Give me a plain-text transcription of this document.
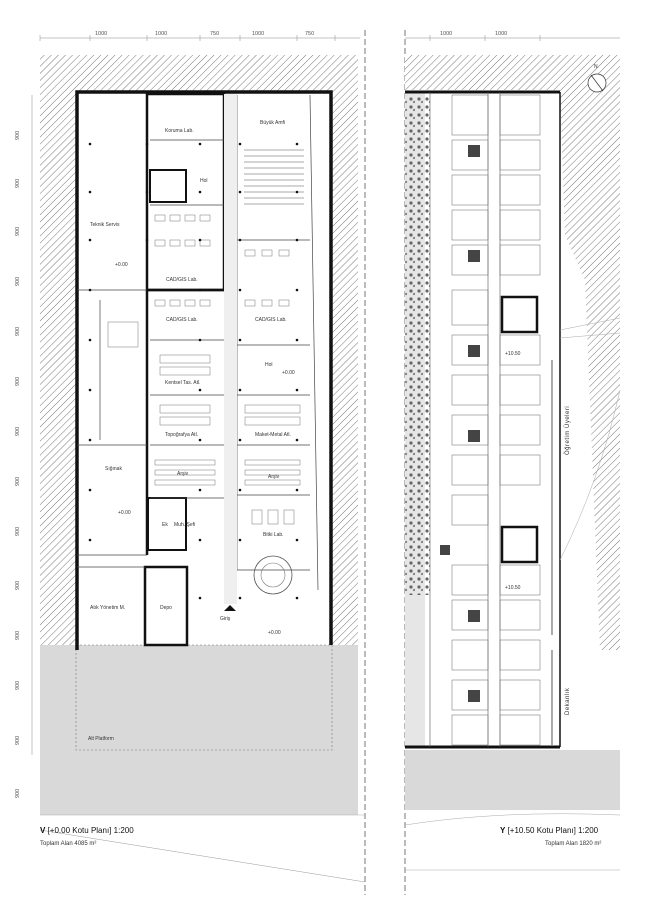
1000	1000	750	1000	750	1000	1000
900
900
900
900
900
900
900
900
900
900
900
900
900
900
Koruma Lab.
Büyük Amfi
Hol
Teknik Servis
+0.00
CAD/GIS Lab.
CAD/GIS Lab.	CAD/GIS Lab.
Hol
+0.00
Kentsel Tas. Atl.
Topoğrafya Atl.	Maket-Metal Atl.
Sığınak
Arşiv	Arşiv
+0.00
Ek Muh. Şefi
Bitki Lab.
Atık Yönetim M.	Depo
Giriş
+0.00
Alt Platform
+10.50
+10.50
Öğretim Üyeleri
Dekanlık
N
V [+0.00 Kotu Planı] 1:200
Toplam Alan 4085 m²
Y [+10.50 Kotu Planı] 1:200
Toplam Alan 1820 m²
